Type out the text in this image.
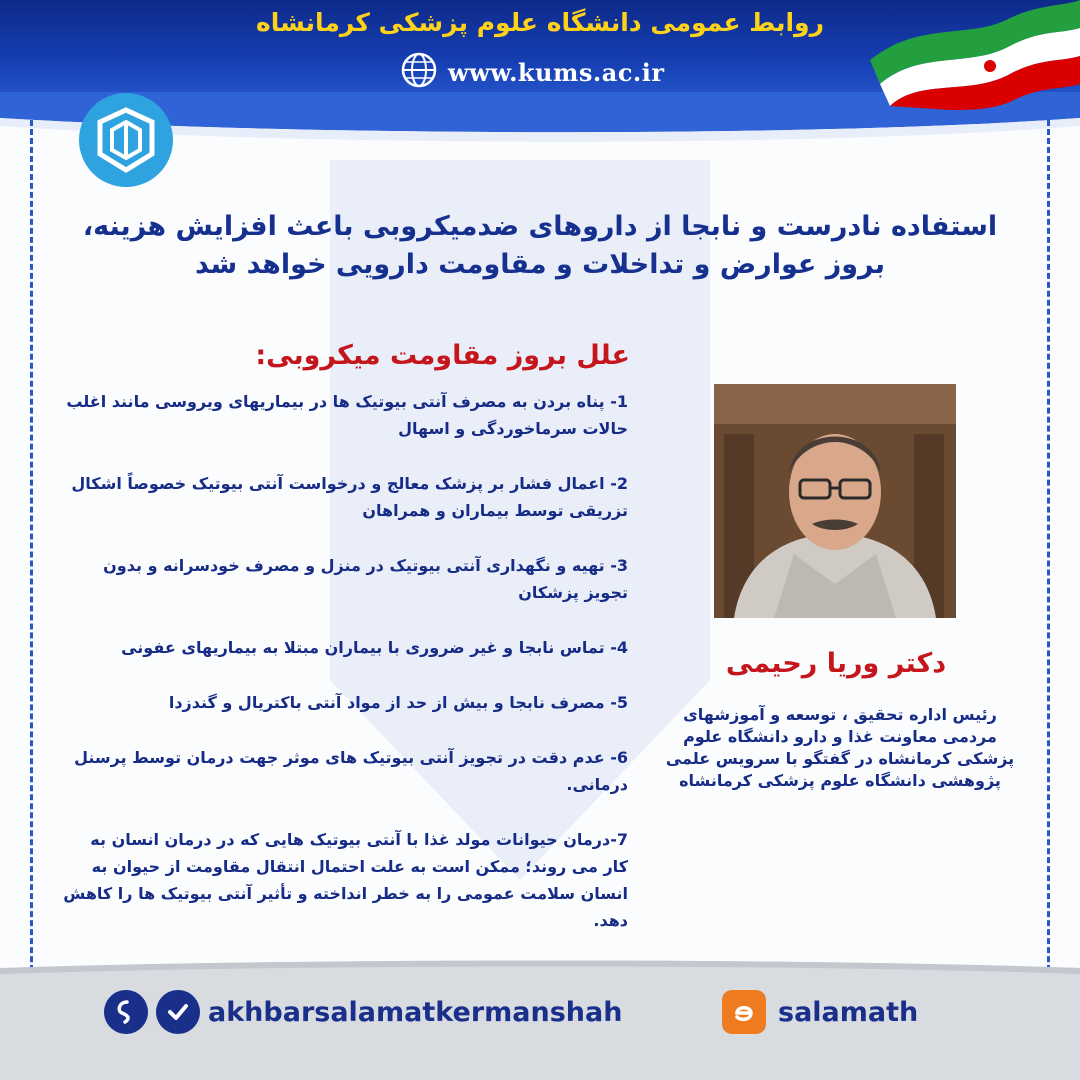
روابط عمومی دانشگاه علوم پزشکی کرمانشاه
www.kums.ac.ir
استفاده نادرست و نابجا از داروهای ضدمیکروبی باعث افزایش هزینه، بروز عوارض و تداخلات و مقاومت دارویی خواهد شد
علل بروز مقاومت میکروبی:
1- پناه بردن به مصرف آنتی بیوتیک ها در بیماریهای ویروسی مانند اغلب حالات سرماخوردگی و اسهال
2- اعمال فشار بر پزشک معالج و درخواست آنتی بیوتیک خصوصاً اشکال تزریقی توسط بیماران و همراهان
3- تهیه و نگهداری آنتی بیوتیک در منزل و مصرف خودسرانه و بدون تجویز پزشکان
4- تماس نابجا و غیر ضروری با بیماران مبتلا به بیماریهای عفونی
5- مصرف نابجا و بیش از حد از مواد آنتی باکتریال و گندزدا
6- عدم دقت در تجویز آنتی بیوتیک های موثر جهت درمان توسط پرسنل درمانی.
7-درمان حیوانات مولد غذا با آنتی بیوتیک هایی که در درمان انسان به کار می روند؛ ممکن است به علت احتمال انتقال مقاومت از حیوان به انسان سلامت عمومی را به خطر انداخته و تأثیر آنتی بیوتیک ها را کاهش دهد.
دکتر وریا رحیمی

رئیس اداره تحقیق ، توسعه و آموزشهای مردمی معاونت غذا و دارو دانشگاه علوم پزشکی کرمانشاه در گفتگو با سرویس علمی پژوهشی دانشگاه علوم پزشکی کرمانشاه

akhbarsalamatkermanshah	salamath
